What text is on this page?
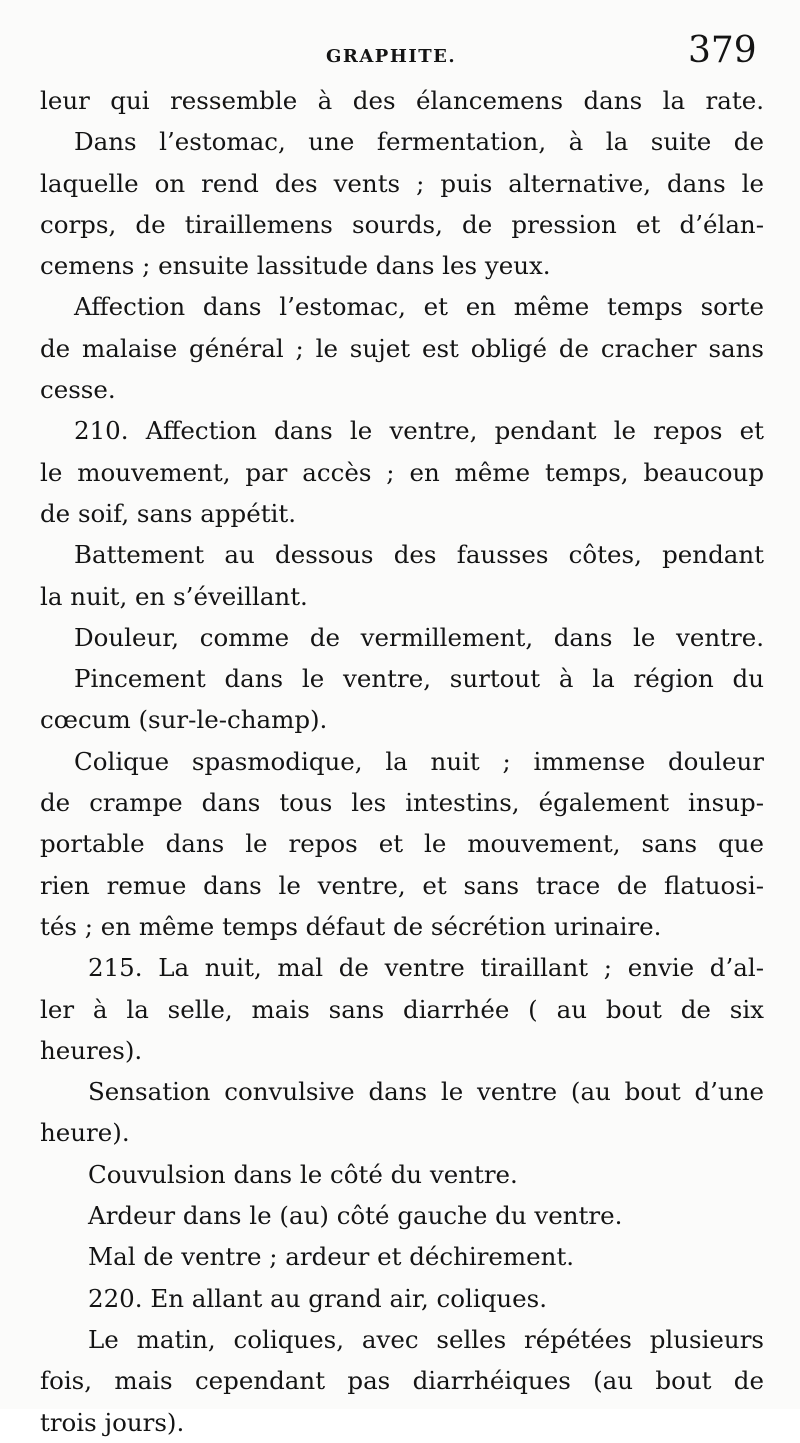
GRAPHITE.	379
leur qui ressemble à des élancemens dans la rate.
Dans l’estomac, une fermentation, à la suite de
laquelle on rend des vents ; puis alternative, dans le
corps, de tiraillemens sourds, de pression et d’élan-
cemens ; ensuite lassitude dans les yeux.
Affection dans l’estomac, et en même temps sorte
de malaise général ; le sujet est obligé de cracher sans
cesse.
210. Affection dans le ventre, pendant le repos et
le mouvement, par accès ; en même temps, beaucoup
de soif, sans appétit.
Battement au dessous des fausses côtes, pendant
la nuit, en s’éveillant.
Douleur, comme de vermillement, dans le ventre.
Pincement dans le ventre, surtout à la région du
cœcum (sur-le-champ).
Colique spasmodique, la nuit ; immense douleur
de crampe dans tous les intestins, également insup-
portable dans le repos et le mouvement, sans que
rien remue dans le ventre, et sans trace de flatuosi-
tés ; en même temps défaut de sécrétion urinaire.
215. La nuit, mal de ventre tiraillant ; envie d’al-
ler à la selle, mais sans diarrhée ( au bout de six
heures).
Sensation convulsive dans le ventre (au bout d’une
heure).
Couvulsion dans le côté du ventre.
Ardeur dans le (au) côté gauche du ventre.
Mal de ventre ; ardeur et déchirement.
220. En allant au grand air, coliques.
Le matin, coliques, avec selles répétées plusieurs
fois, mais cependant pas diarrhéiques (au bout de
trois jours).
